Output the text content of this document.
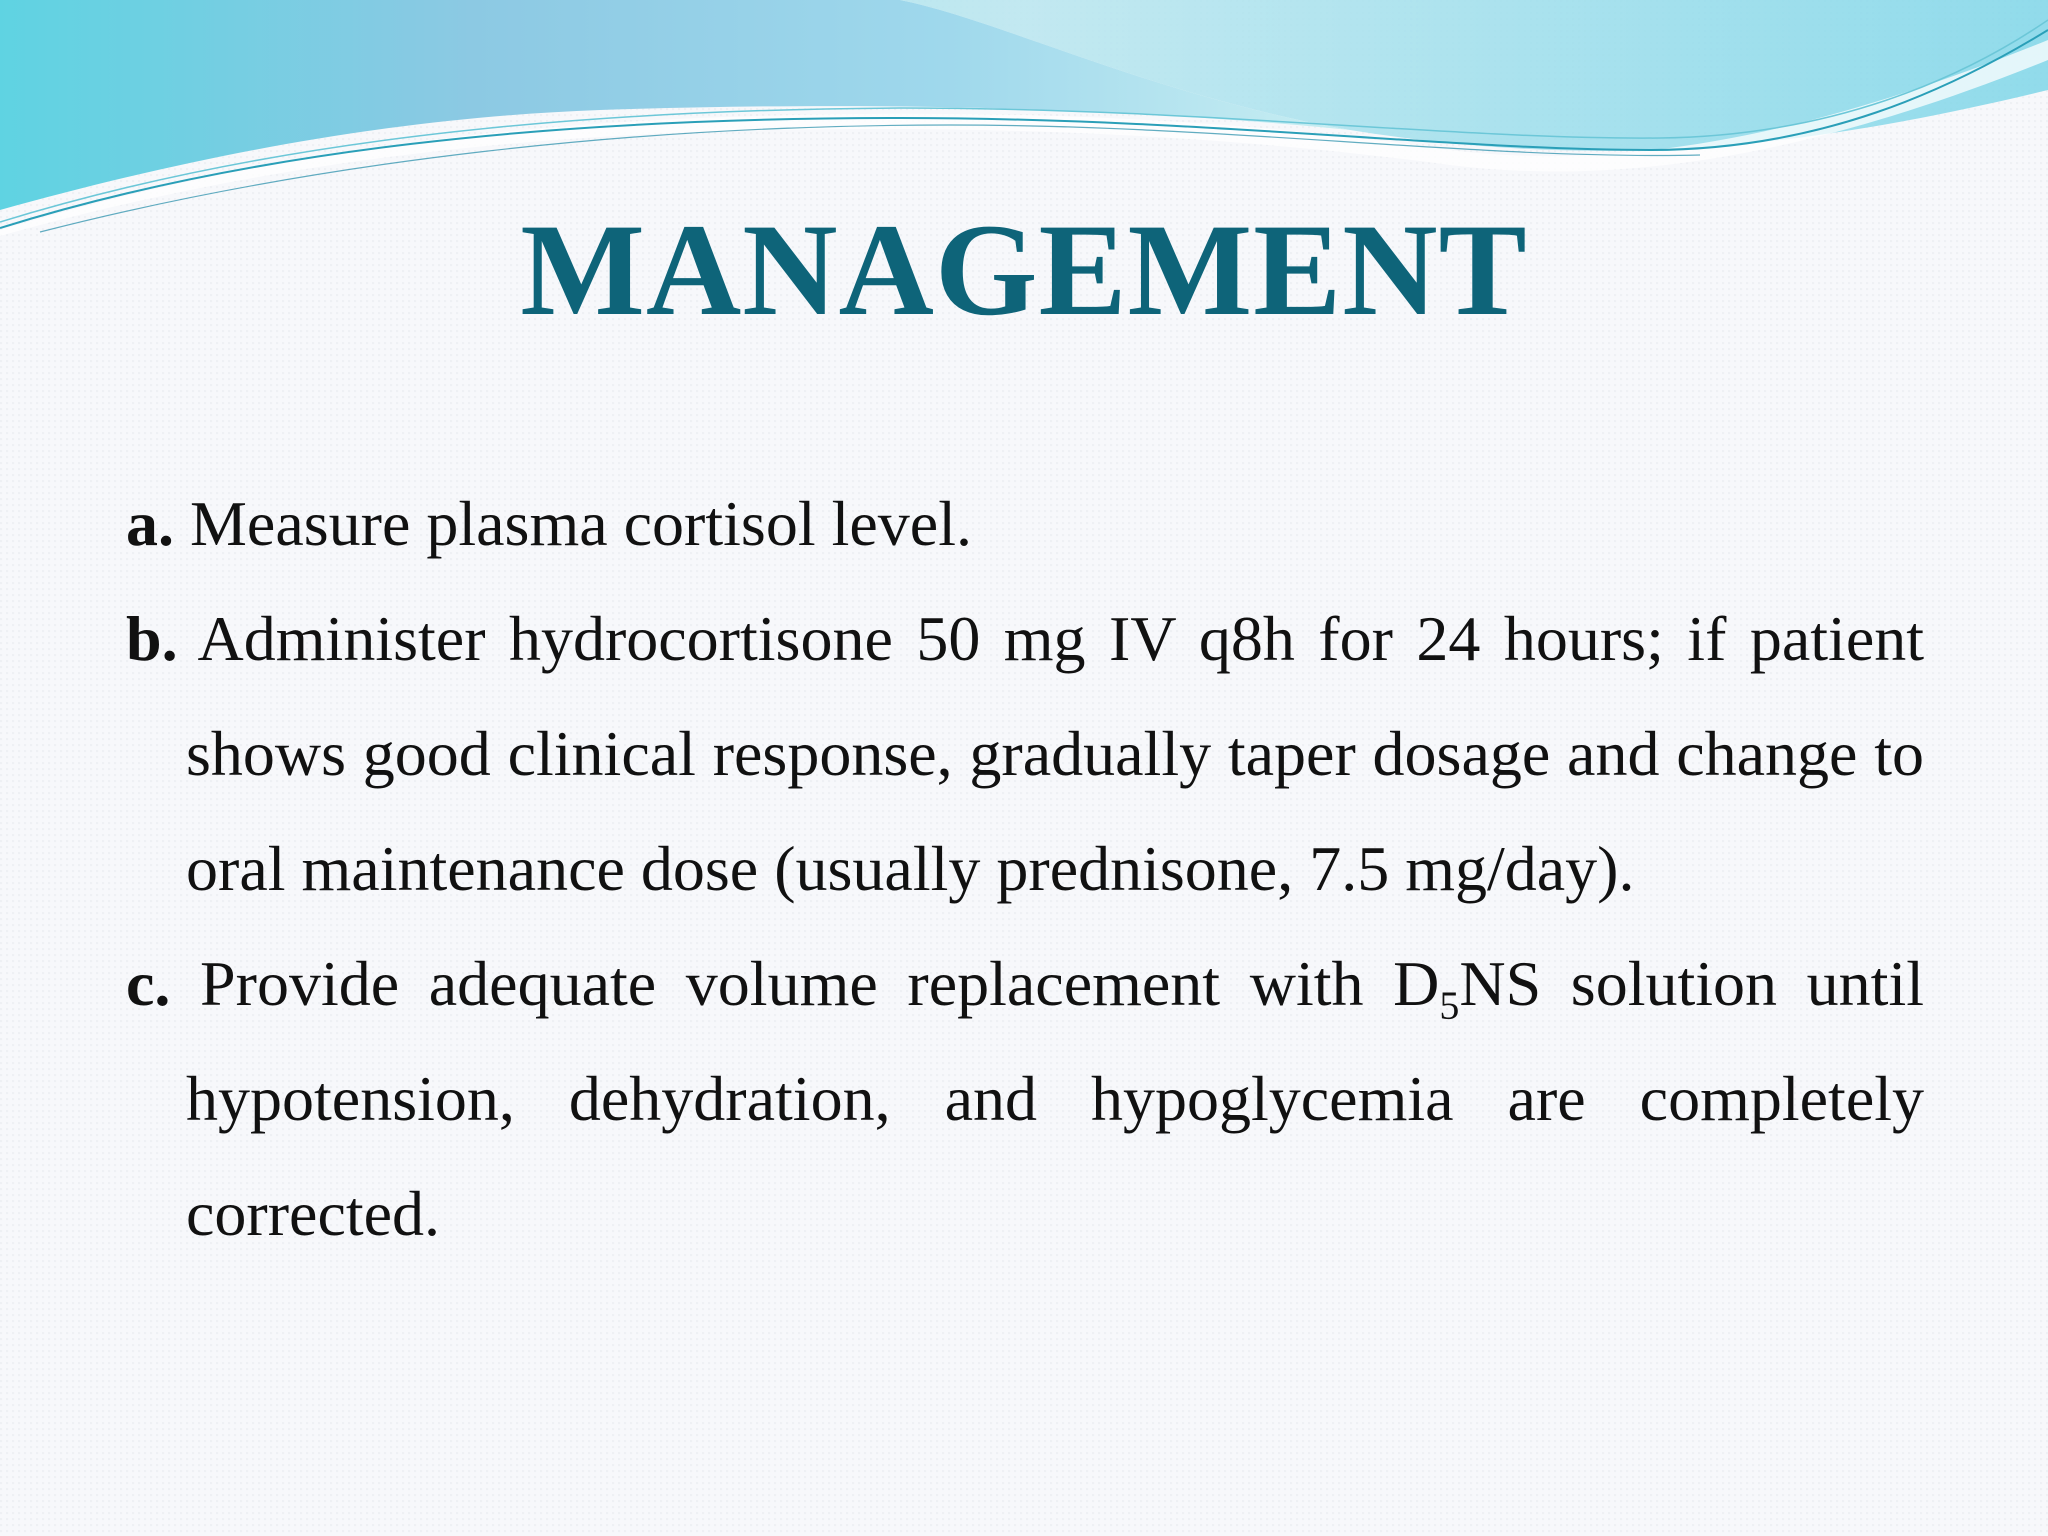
MANAGEMENT

a. Measure plasma cortisol level.

b. Administer hydrocortisone 50 mg IV q8h for 24 hours; if patient shows good clinical response, gradually taper dosage and change to oral maintenance dose (usually prednisone, 7.5 mg/day).

c. Provide adequate volume replacement with $D_5NS$ solution until hypotension, dehydration, and hypoglycemia are completely corrected.
